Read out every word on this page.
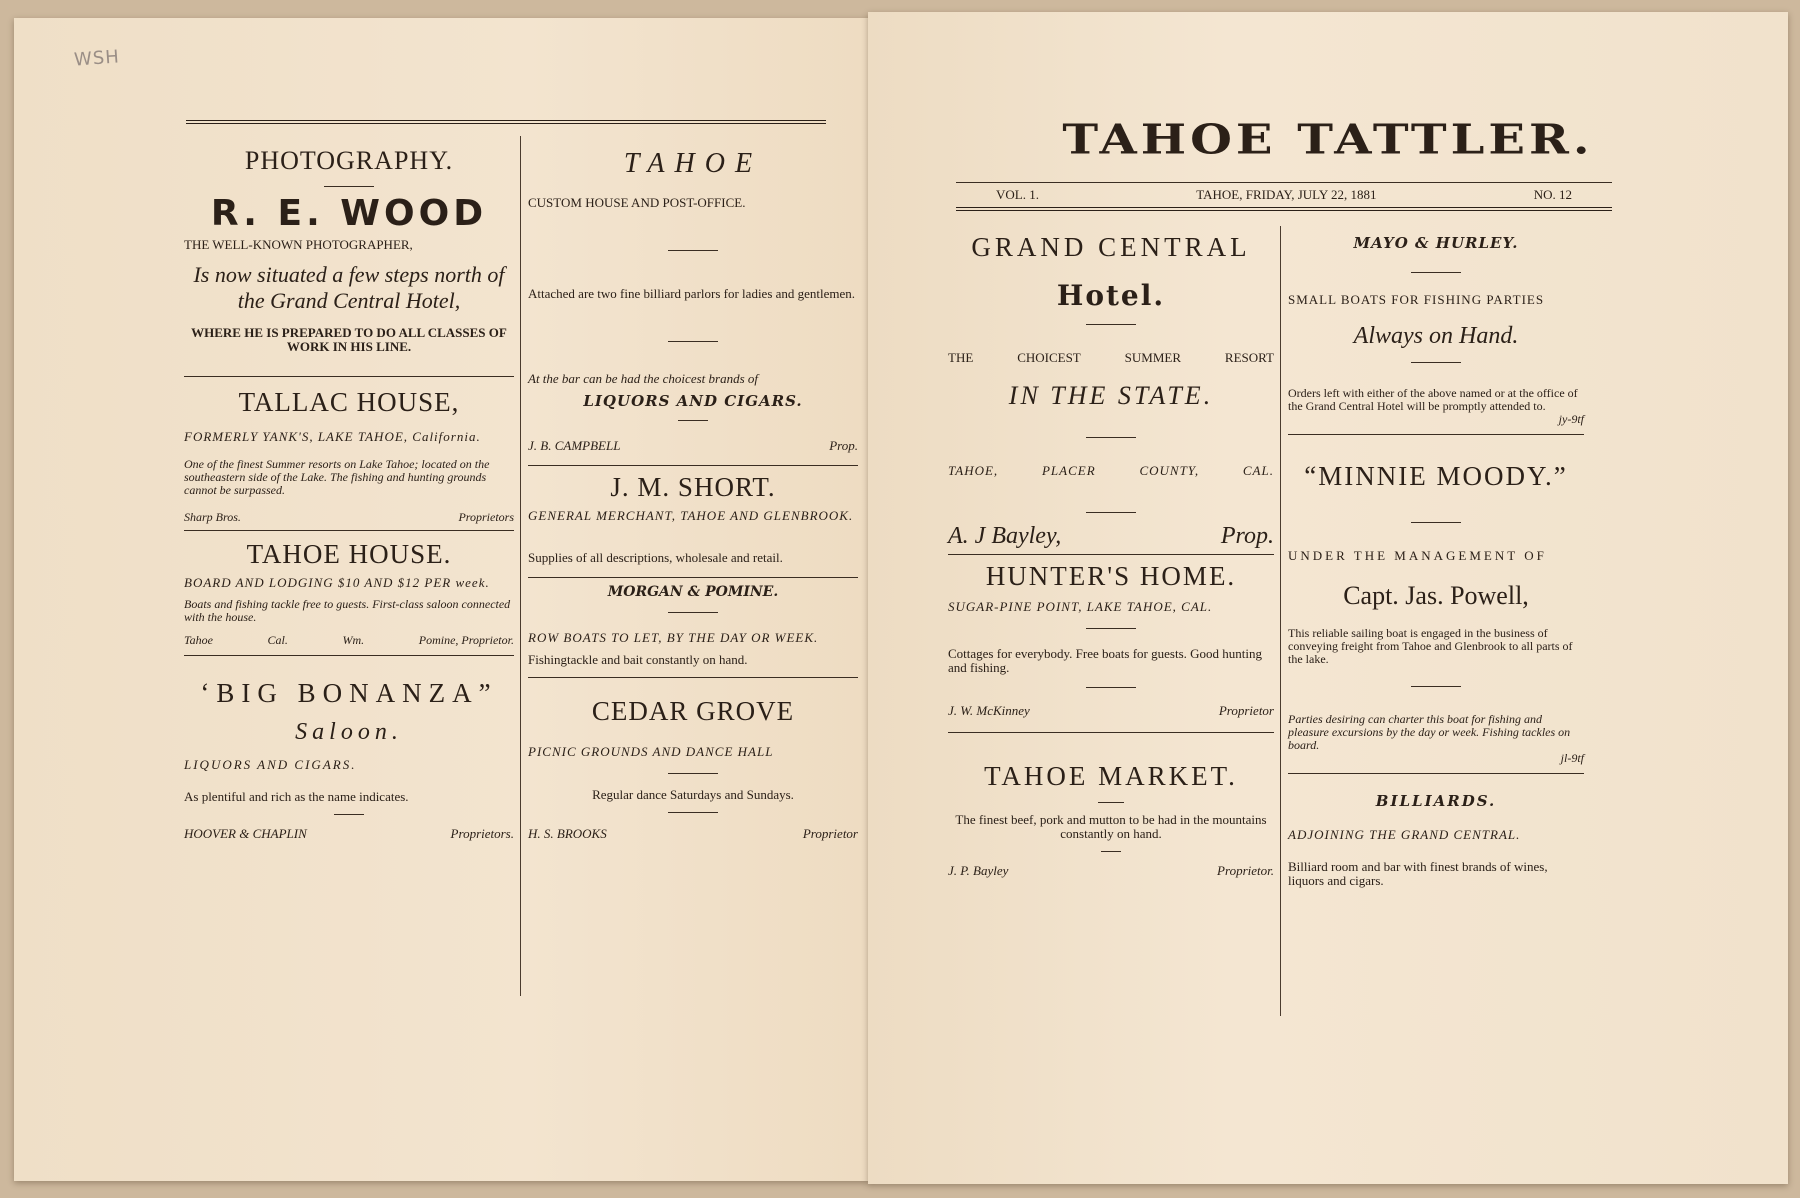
WSH
PHOTOGRAPHY.
R. E. WOOD
THE WELL-KNOWN PHOTOGRAPHER,
Is now situated a few steps north of the Grand Central Hotel,
WHERE HE IS PREPARED TO DO ALL CLASSES OF WORK IN HIS LINE.
TALLAC HOUSE,
FORMERLY YANK'S, LAKE TAHOE, California.
One of the finest Summer resorts on Lake Tahoe; located on the southeastern side of the Lake. The fishing and hunting grounds cannot be surpassed.
Sharp Bros.	Proprietors
TAHOE HOUSE.
BOARD AND LODGING $10 AND $12 PER week.
Boats and fishing tackle free to guests. First-class saloon connected with the house.
Tahoe	Cal.	Wm.	Pomine, Proprietor.
‘BIG BONANZA”
Saloon.
LIQUORS AND CIGARS.
As plentiful and rich as the name indicates.
HOOVER & CHAPLIN	Proprietors.
TAHOE
CUSTOM HOUSE AND POST-OFFICE.
Attached are two fine billiard parlors for ladies and gentlemen.
At the bar can be had the choicest brands of
LIQUORS AND CIGARS.
J. B. CAMPBELL	Prop.
J. M. SHORT.
GENERAL MERCHANT, TAHOE AND GLENBROOK.
Supplies of all descriptions, wholesale and retail.
MORGAN & POMINE.
ROW BOATS TO LET, BY THE DAY OR WEEK.
Fishingtackle and bait constantly on hand.
CEDAR GROVE
PICNIC GROUNDS AND DANCE HALL
Regular dance Saturdays and Sundays.
H. S. BROOKS	Proprietor
TAHOE TATTLER.
VOL. 1.	TAHOE, FRIDAY, JULY 22, 1881	NO. 12
GRAND CENTRAL
Hotel.
THE	CHOICEST	SUMMER	RESORT
IN THE STATE.
TAHOE,	PLACER	COUNTY,	CAL.
A. J Bayley,	Prop.
HUNTER'S HOME.
SUGAR-PINE POINT, LAKE TAHOE, CAL.
Cottages for everybody. Free boats for guests. Good hunting and fishing.
J. W. McKinney	Proprietor
TAHOE MARKET.
The finest beef, pork and mutton to be had in the mountains constantly on hand.
J. P. Bayley	Proprietor.
MAYO & HURLEY.
SMALL BOATS FOR FISHING PARTIES
Always on Hand.
Orders left with either of the above named or at the office of the Grand Central Hotel will be promptly attended to.
jy-9tf
“MINNIE MOODY.”
UNDER THE MANAGEMENT OF
Capt. Jas. Powell,
This reliable sailing boat is engaged in the business of conveying freight from Tahoe and Glenbrook to all parts of the lake.
Parties desiring can charter this boat for fishing and pleasure excursions by the day or week. Fishing tackles on board.
jl-9tf
BILLIARDS.
ADJOINING THE GRAND CENTRAL.
Billiard room and bar with finest brands of wines, liquors and cigars.
